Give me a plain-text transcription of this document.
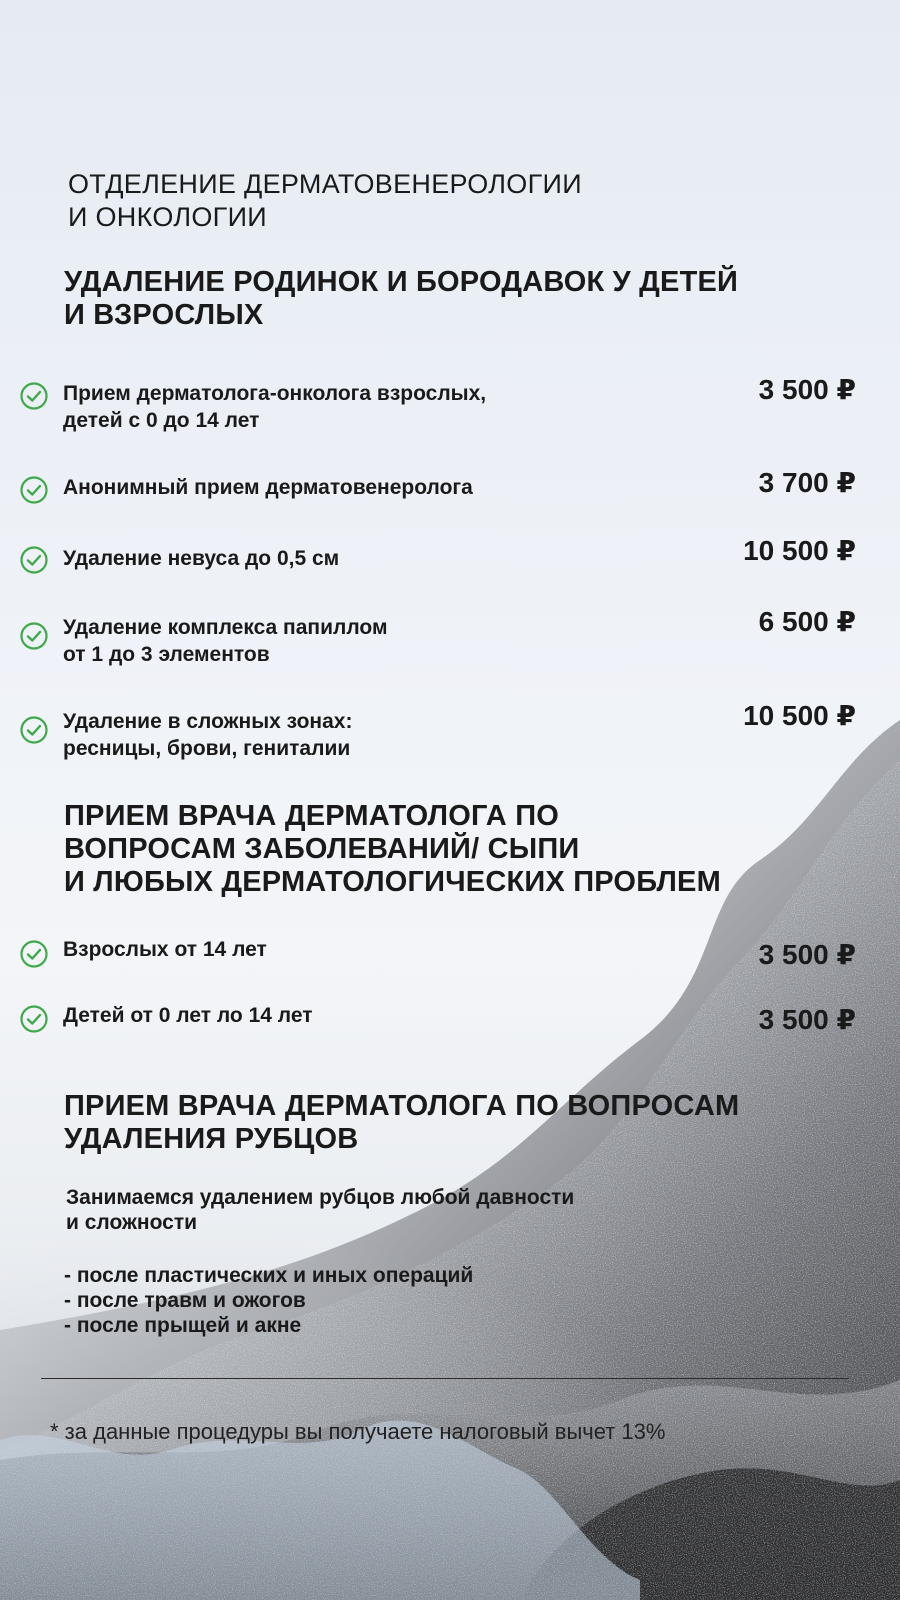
ОТДЕЛЕНИЕ ДЕРМАТОВЕНЕРОЛОГИИ
И ОНКОЛОГИИ
УДАЛЕНИЕ РОДИНОК И БОРОДАВОК У ДЕТЕЙ
И ВЗРОСЛЫХ
Прием дерматолога-онколога взрослых,
детей с 0 до 14 лет
3 500 ₽
Анонимный прием дерматовенеролога	3 700 ₽
Удаление невуса до 0,5 см	10 500 ₽
Удаление комплекса папиллом
от 1 до 3 элементов
6 500 ₽
Удаление в сложных зонах:
ресницы, брови, гениталии
10 500 ₽
ПРИЕМ ВРАЧА ДЕРМАТОЛОГА ПО
ВОПРОСАМ ЗАБОЛЕВАНИЙ/ СЫПИ
И ЛЮБЫХ ДЕРМАТОЛОГИЧЕСКИХ ПРОБЛЕМ
Взрослых от 14 лет	3 500 ₽
Детей от 0 лет ло 14 лет	3 500 ₽
ПРИЕМ ВРАЧА ДЕРМАТОЛОГА ПО ВОПРОСАМ
УДАЛЕНИЯ РУБЦОВ
Занимаемся удалением рубцов любой давности
и сложности
- после пластических и иных операций
- после травм и ожогов
- после прыщей и акне
* за данные процедуры вы получаете налоговый вычет 13%
